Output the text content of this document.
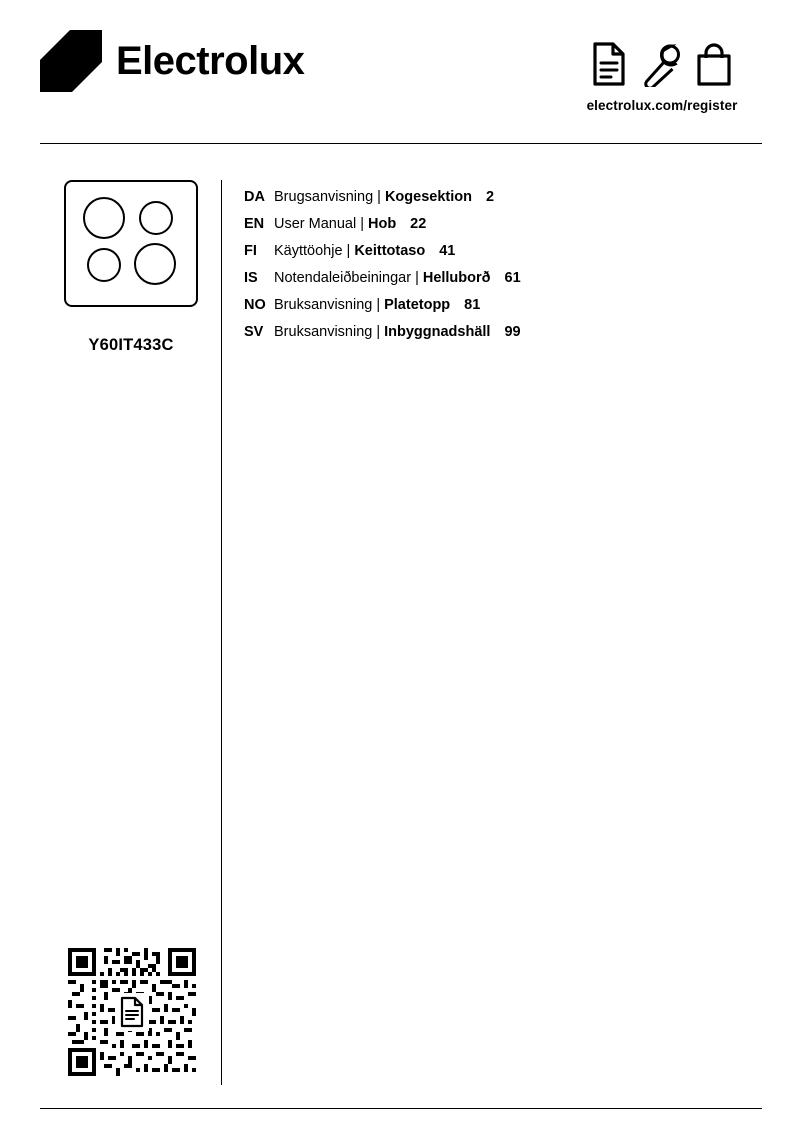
Electrolux
electrolux.com/register
Y60IT433C
DA Brugsanvisning | Kogesektion 2
EN User Manual | Hob 22
FI	Käyttöohje | Keittotaso 41
IS	Notendaleiðbeiningar | Helluborð 61
NO Bruksanvisning | Platetopp 81
SV Bruksanvisning | Inbyggnadshäll 99
